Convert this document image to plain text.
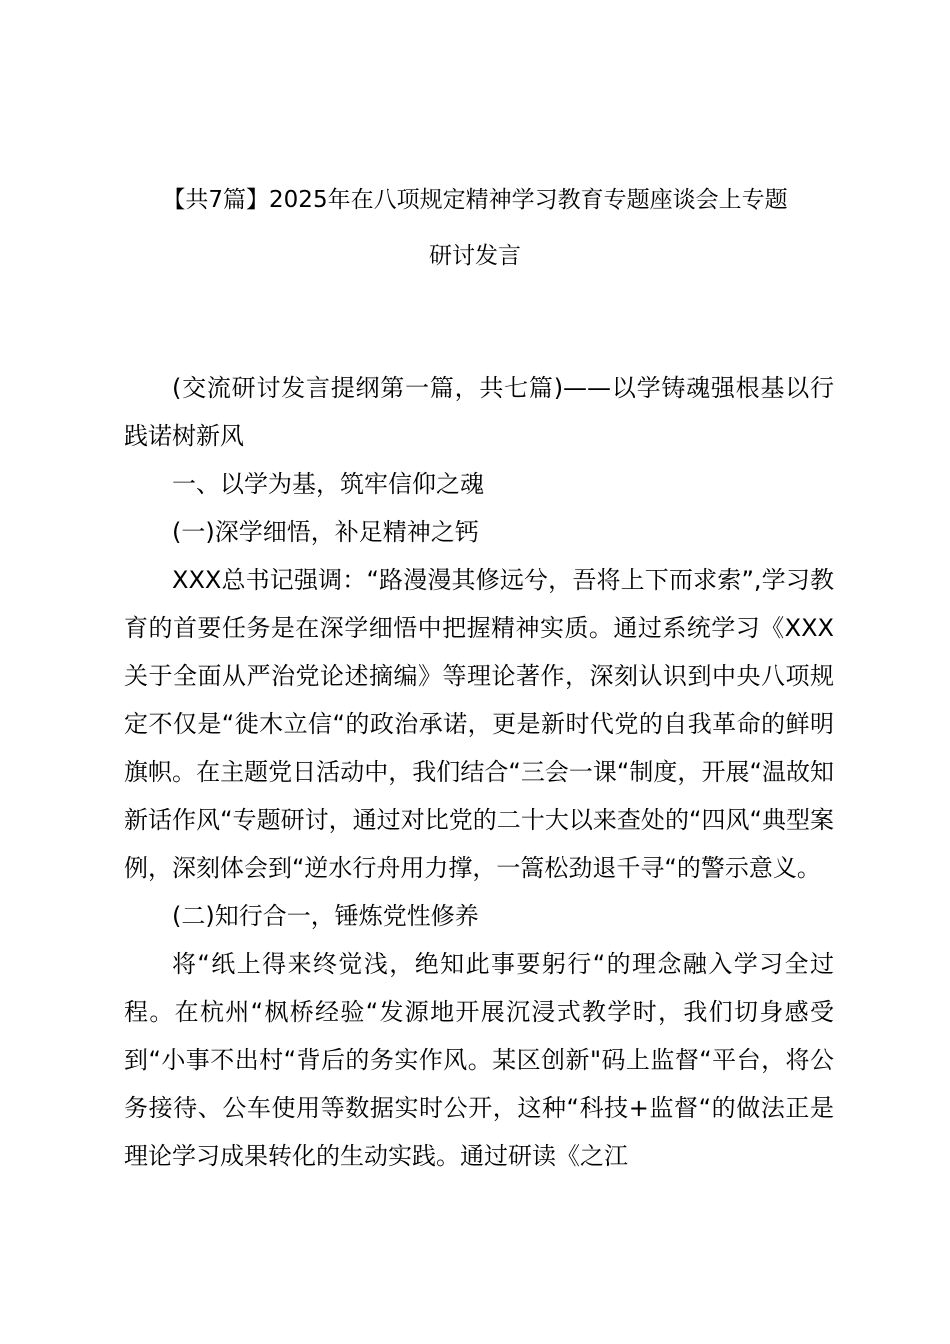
【共7篇】2025年在八项规定精神学习教育专题座谈会上专题
研讨发言

(交流研讨发言提纲第一篇，共七篇)——以学铸魂强根基以行践诺树新风

一、以学为基，筑牢信仰之魂

(一)深学细悟，补足精神之钙

XXX总书记强调：“路漫漫其修远兮，吾将上下而求索”,学习教育的首要任务是在深学细悟中把握精神实质。通过系统学习《XXX关于全面从严治党论述摘编》等理论著作，深刻认识到中央八项规定不仅是“徙木立信“的政治承诺，更是新时代党的自我革命的鲜明旗帜。在主题党日活动中，我们结合“三会一课“制度，开展“温故知新话作风“专题研讨，通过对比党的二十大以来查处的“四风“典型案例，深刻体会到“逆水行舟用力撑，一篙松劲退千寻“的警示意义。

(二)知行合一，锤炼党性修养

将“纸上得来终觉浅，绝知此事要躬行“的理念融入学习全过程。在杭州“枫桥经验“发源地开展沉浸式教学时，我们切身感受到“小事不出村“背后的务实作风。某区创新"码上监督“平台，将公务接待、公车使用等数据实时公开，这种“科技+监督“的做法正是理论学习成果转化的生动实践。通过研读《之江
